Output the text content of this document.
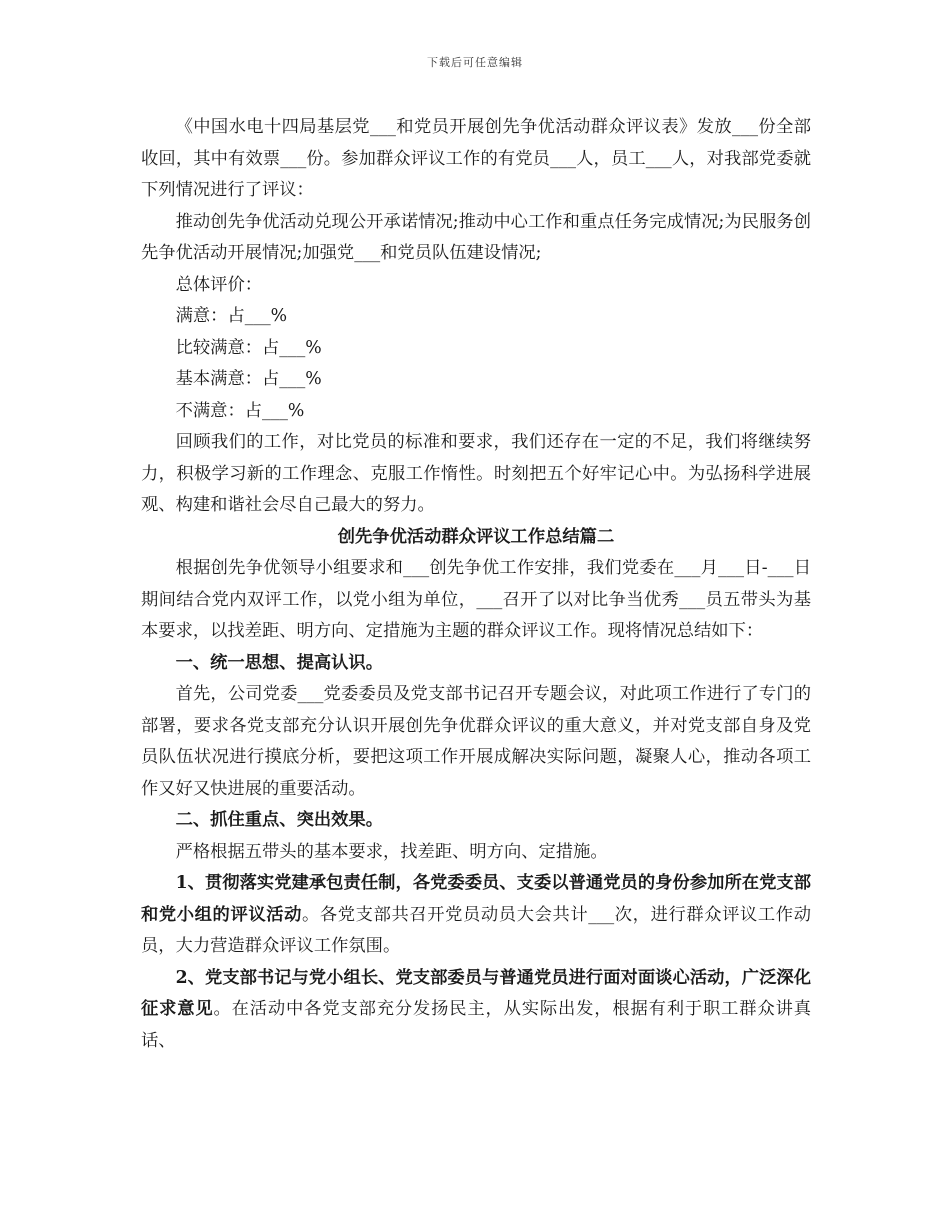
下载后可任意编辑

《中国水电十四局基层党___和党员开展创先争优活动群众评议表》发放___份全部收回，其中有效票___份。参加群众评议工作的有党员___人，员工___人，对我部党委就下列情况进行了评议：

推动创先争优活动兑现公开承诺情况;推动中心工作和重点任务完成情况;为民服务创先争优活动开展情况;加强党___和党员队伍建设情况;

总体评价：

满意：占___%

比较满意：占___%

基本满意：占___%

不满意：占___%

回顾我们的工作，对比党员的标准和要求，我们还存在一定的不足，我们将继续努力，积极学习新的工作理念、克服工作惰性。时刻把五个好牢记心中。为弘扬科学进展观、构建和谐社会尽自己最大的努力。

创先争优活动群众评议工作总结篇二

根据创先争优领导小组要求和___创先争优工作安排，我们党委在___月___日-___日期间结合党内双评工作，以党小组为单位，___召开了以对比争当优秀___员五带头为基本要求，以找差距、明方向、定措施为主题的群众评议工作。现将情况总结如下：

一、统一思想、提高认识。

首先，公司党委___党委委员及党支部书记召开专题会议，对此项工作进行了专门的部署，要求各党支部充分认识开展创先争优群众评议的重大意义，并对党支部自身及党员队伍状况进行摸底分析，要把这项工作开展成解决实际问题，凝聚人心，推动各项工作又好又快进展的重要活动。

二、抓住重点、突出效果。

严格根据五带头的基本要求，找差距、明方向、定措施。

1、贯彻落实党建承包责任制，各党委委员、支委以普通党员的身份参加所在党支部和党小组的评议活动。各党支部共召开党员动员大会共计___次，进行群众评议工作动员，大力营造群众评议工作氛围。

2、党支部书记与党小组长、党支部委员与普通党员进行面对面谈心活动，广泛深化征求意见。在活动中各党支部充分发扬民主，从实际出发，根据有利于职工群众讲真话、
